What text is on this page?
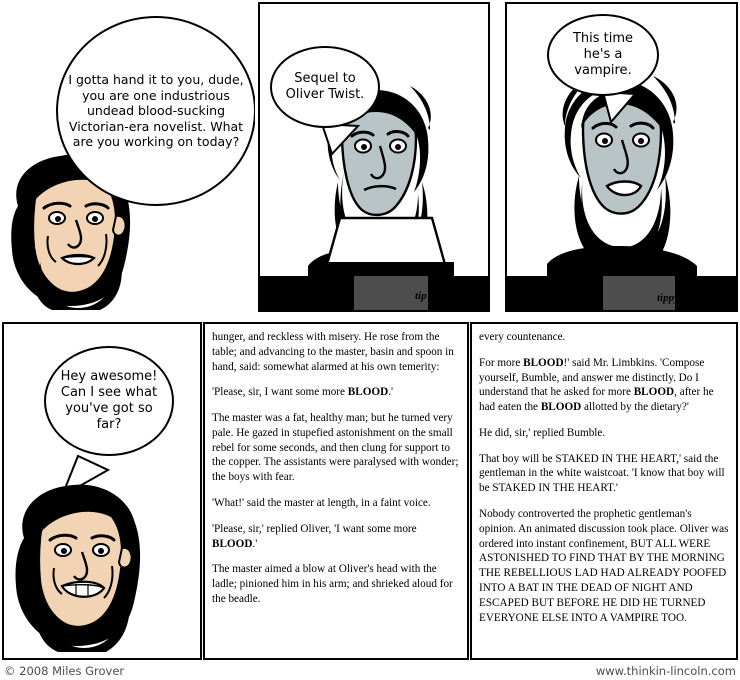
I gotta hand it to you, dude, you are one industrious undead blood-sucking Victorian-era novelist. What are you working on today?
Sequel to Oliver Twist.
tip tap tap
This time he's a vampire.
tippy tip tap
Hey awesome! Can I see what you've got so far?

hunger, and reckless with misery. He rose from the table; and advancing to the master, basin and spoon in hand, said: somewhat alarmed at his own temerity:

'Please, sir, I want some more BLOOD.'

The master was a fat, healthy man; but he turned very pale. He gazed in stupefied astonishment on the small rebel for some seconds, and then clung for support to the copper. The assistants were paralysed with wonder; the boys with fear.

'What!' said the master at length, in a faint voice.

'Please, sir,' replied Oliver, 'I want some more BLOOD.'

The master aimed a blow at Oliver's head with the ladle; pinioned him in his arm; and shrieked aloud for the beadle.

every countenance.

For more BLOOD!' said Mr. Limbkins. 'Compose yourself, Bumble, and answer me distinctly. Do I understand that he asked for more BLOOD, after he had eaten the BLOOD allotted by the dietary?'

He did, sir,' replied Bumble.

That boy will be STAKED IN THE HEART,' said the gentleman in the white waistcoat. 'I know that boy will be STAKED IN THE HEART.'

Nobody controverted the prophetic gentleman's opinion. An animated discussion took place. Oliver was ordered into instant confinement, BUT ALL WERE ASTONISHED TO FIND THAT BY THE MORNING THE REBELLIOUS LAD HAD ALREADY POOFED INTO A BAT IN THE DEAD OF NIGHT AND ESCAPED BUT BEFORE HE DID HE TURNED EVERYONE ELSE INTO A VAMPIRE TOO.

© 2008 Miles Grover	www.thinkin-lincoln.com
